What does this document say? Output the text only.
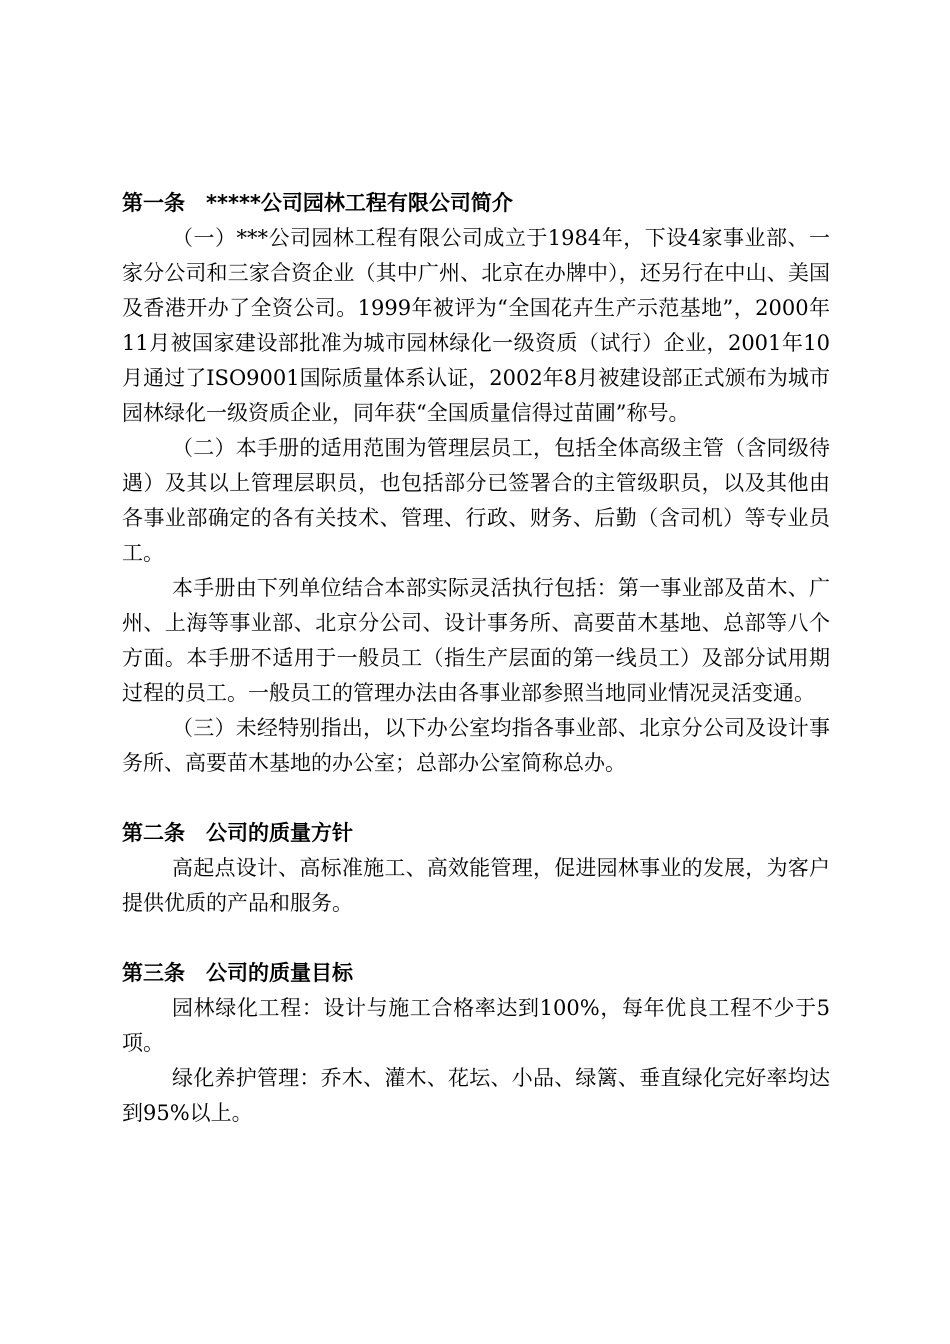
第一条　*****公司园林工程有限公司简介

（一）***公司园林工程有限公司成立于1984年，下设4家事业部、一家分公司和三家合资企业（其中广州、北京在办牌中），还另行在中山、美国及香港开办了全资公司。1999年被评为“全国花卉生产示范基地”，2000年11月被国家建设部批准为城市园林绿化一级资质（试行）企业，2001年10月通过了ISO9001国际质量体系认证，2002年8月被建设部正式颁布为城市园林绿化一级资质企业，同年获“全国质量信得过苗圃”称号。

（二）本手册的适用范围为管理层员工，包括全体高级主管（含同级待遇）及其以上管理层职员，也包括部分已签署合的主管级职员，以及其他由各事业部确定的各有关技术、管理、行政、财务、后勤（含司机）等专业员工。

本手册由下列单位结合本部实际灵活执行包括：第一事业部及苗木、广州、上海等事业部、北京分公司、设计事务所、高要苗木基地、总部等八个方面。本手册不适用于一般员工（指生产层面的第一线员工）及部分试用期过程的员工。一般员工的管理办法由各事业部参照当地同业情况灵活变通。

（三）未经特别指出，以下办公室均指各事业部、北京分公司及设计事务所、高要苗木基地的办公室；总部办公室简称总办。

第二条　公司的质量方针

高起点设计、高标准施工、高效能管理，促进园林事业的发展，为客户提供优质的产品和服务。

第三条　公司的质量目标

园林绿化工程：设计与施工合格率达到100%，每年优良工程不少于5项。

绿化养护管理：乔木、灌木、花坛、小品、绿篱、垂直绿化完好率均达到95%以上。
